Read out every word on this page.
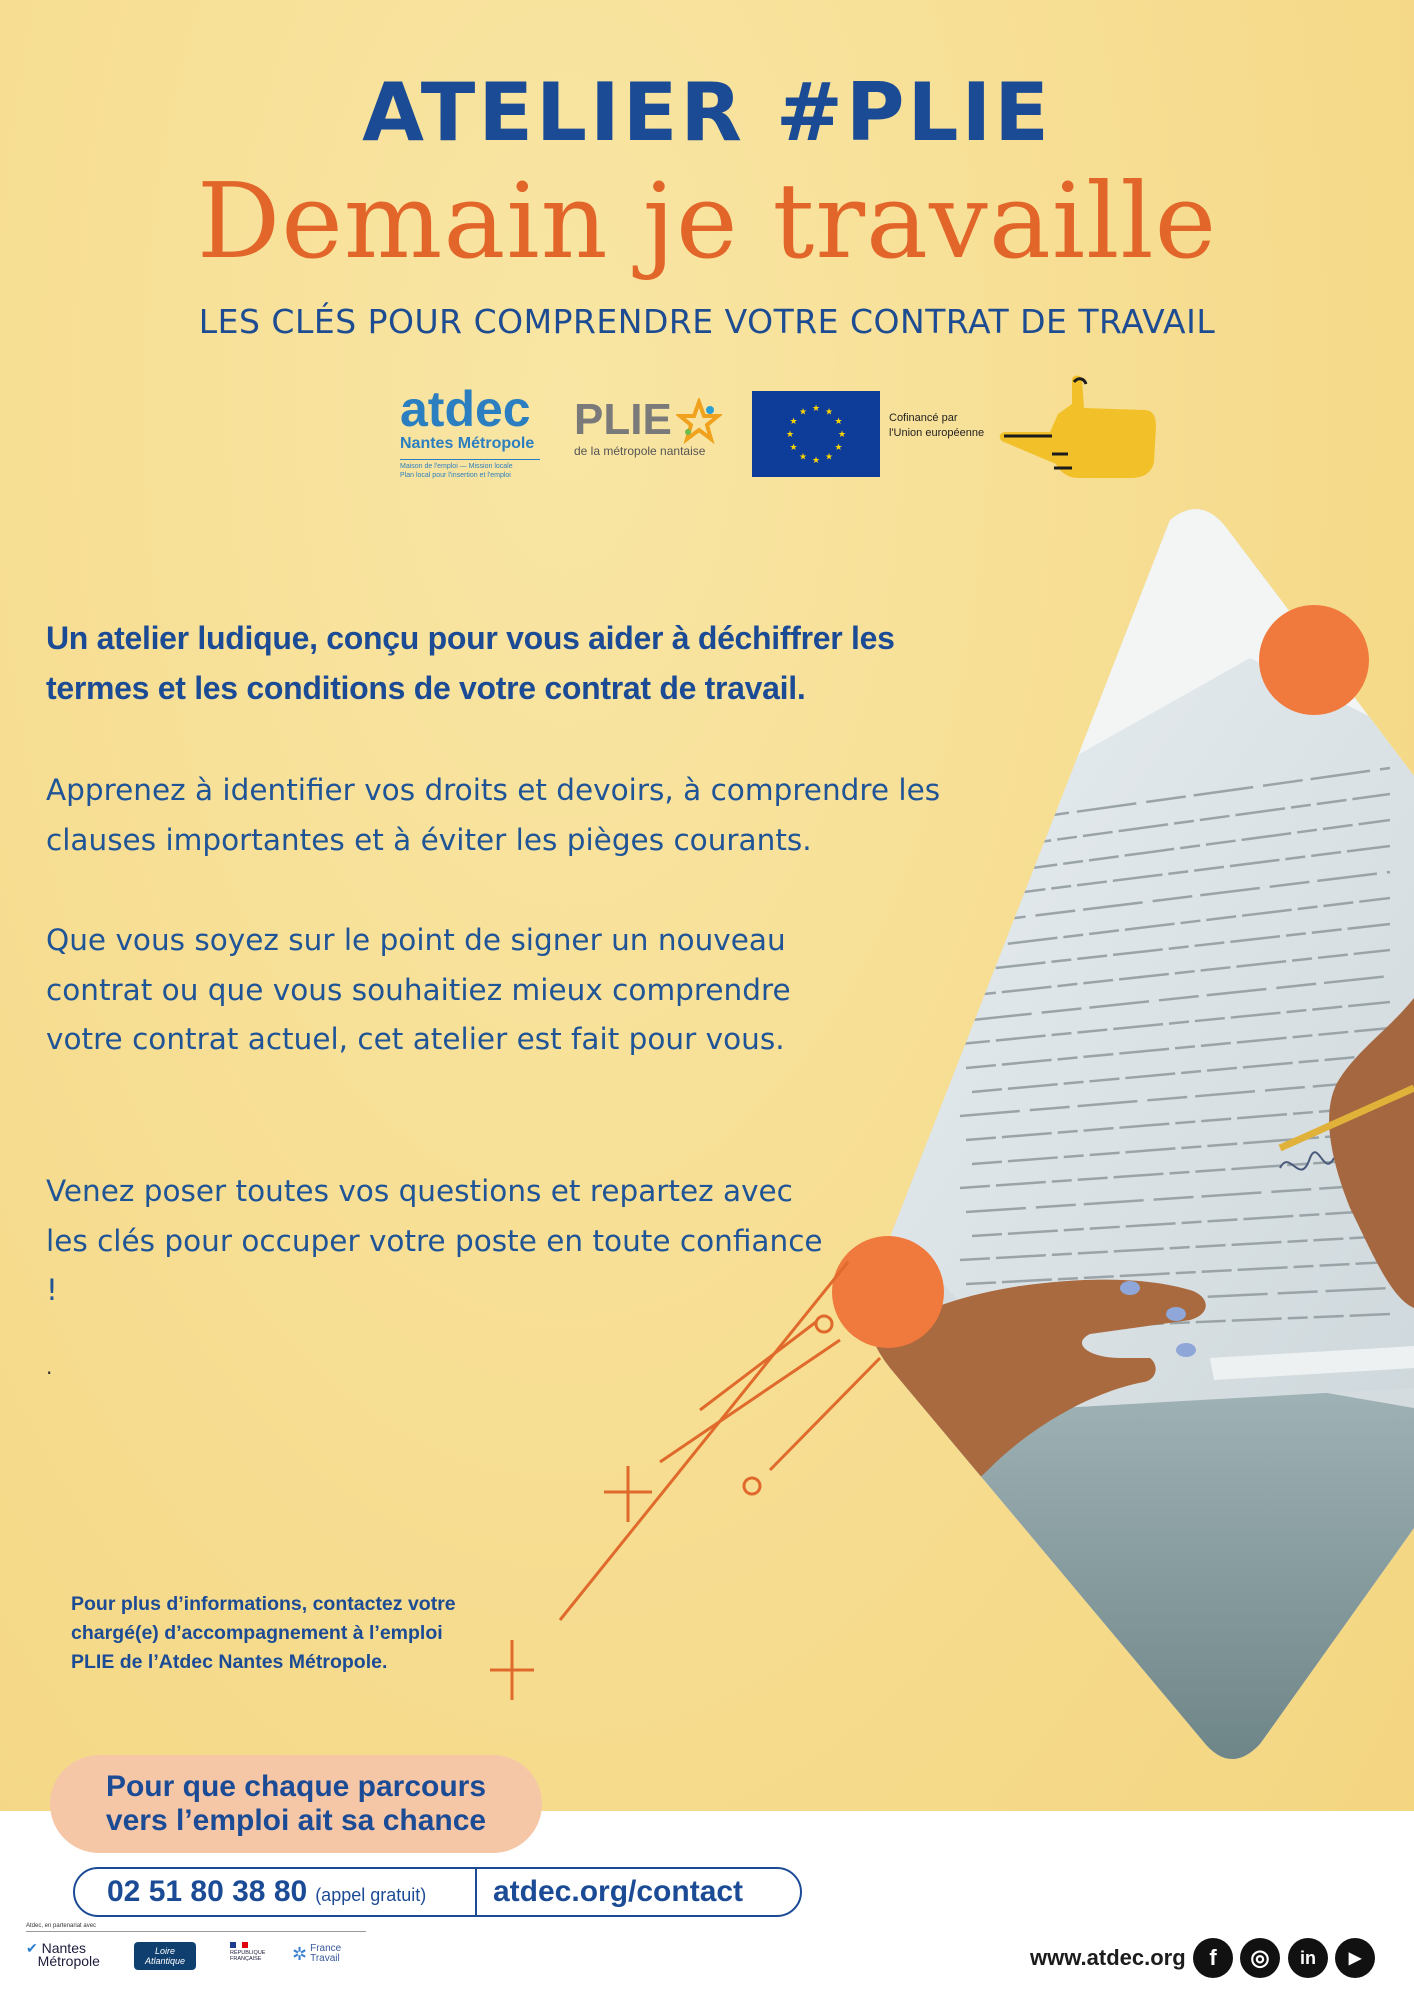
ATELIER #PLIE
Demain je travaille
LES CLÉS POUR COMPRENDRE VOTRE CONTRAT DE TRAVAIL
atdec
Nantes Métropole
Maison de l'emploi — Mission locale
Plan local pour l'insertion et l'emploi
PLIE
de la métropole nantaise
★
★
★
★
★
★
★
★
★ ★ ★
★	Cofinancé par l'Union européenne
Un atelier ludique, conçu pour vous aider à déchiffrer les termes et les conditions de votre contrat de travail.
Apprenez à identifier vos droits et devoirs, à comprendre les clauses importantes et à éviter les pièges courants.
Que vous soyez sur le point de signer un nouveau contrat ou que vous souhaitiez mieux comprendre votre contrat actuel, cet atelier est fait pour vous.
Venez poser toutes vos questions et repartez avec les clés pour occuper votre poste en toute confiance !
.
Pour plus d’informations, contactez votre chargé(e) d’accompagnement à l’emploi PLIE de l’Atdec Nantes Métropole.
Pour que chaque parcours
vers l’emploi ait sa chance
02 51 80 38 80 (appel gratuit)	atdec.org/contact
Atdec, en partenariat avec
✔ Nantes
Métropole
Loire
Atlantique
RÉPUBLIQUE
FRANÇAISE ✲ France
Travail	www.atdec.org	f	◎	in	▶
